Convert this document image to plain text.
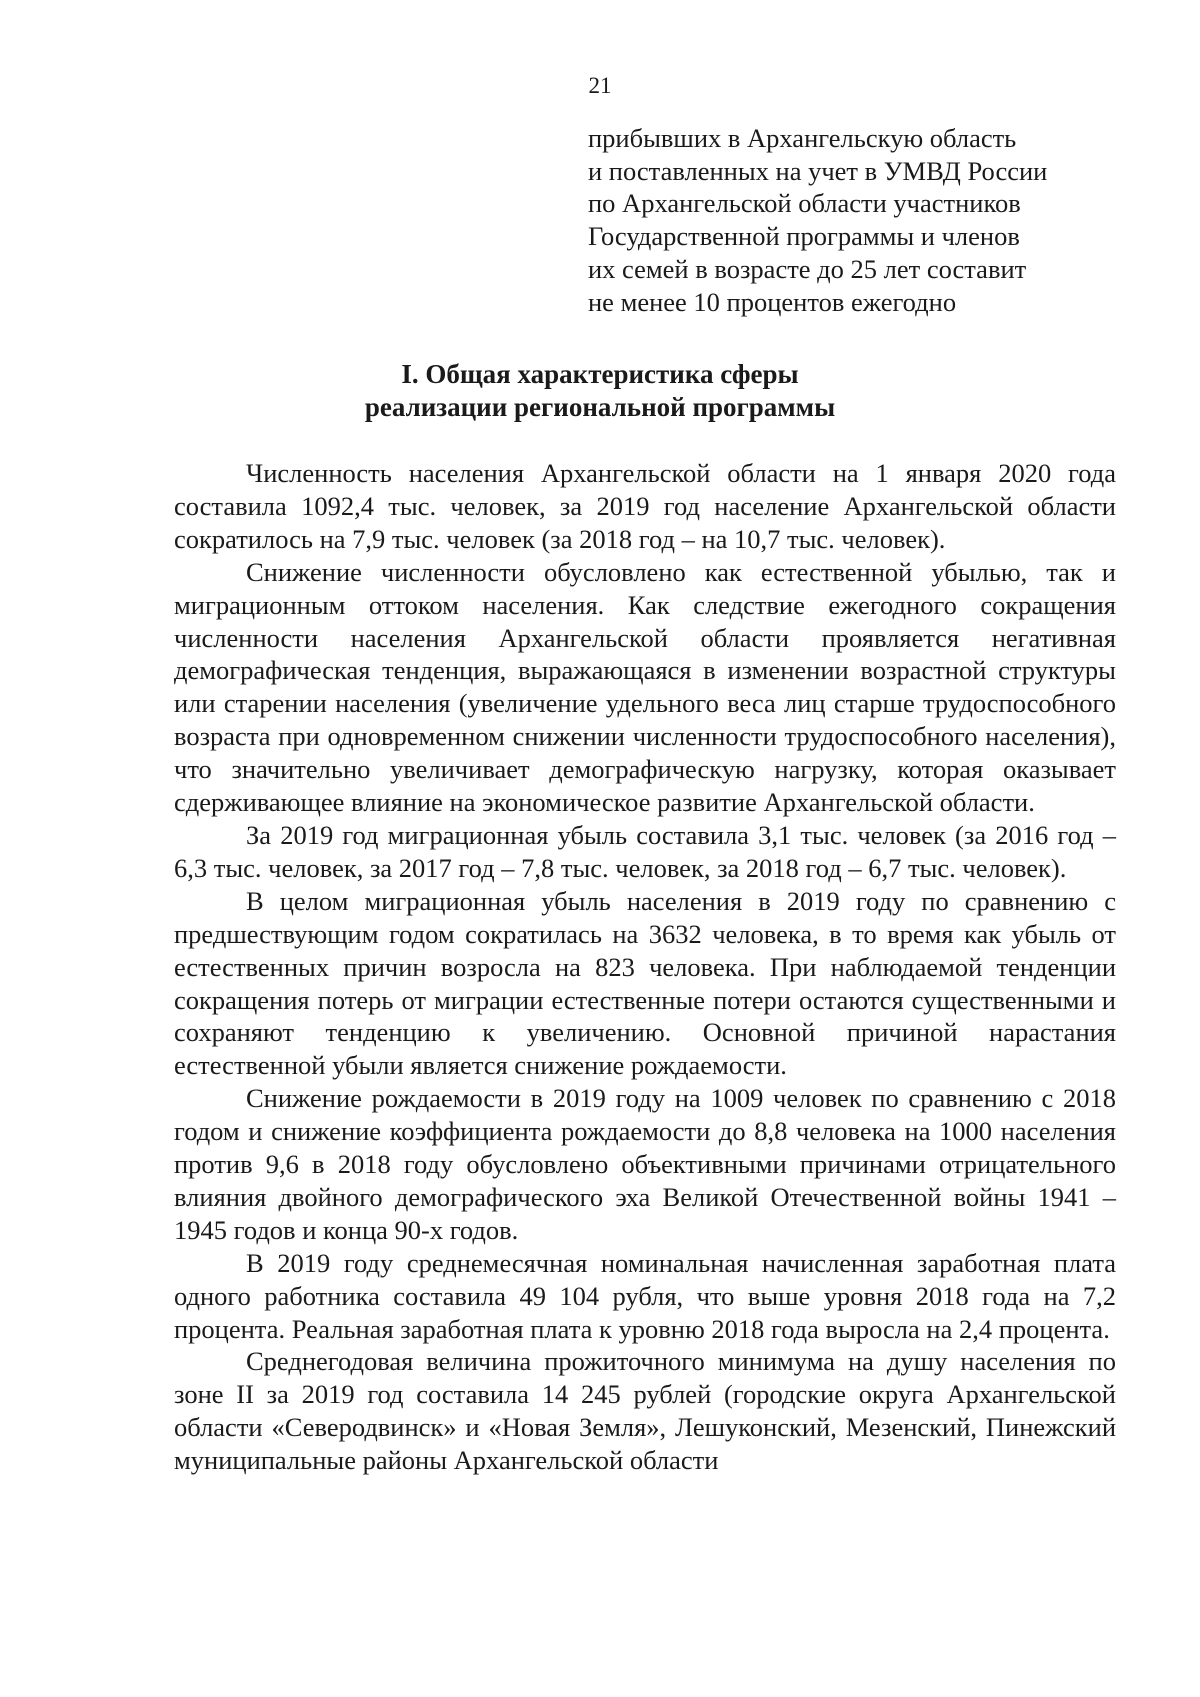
21
прибывших в Архангельскую область
и поставленных на учет в УМВД России
по Архангельской области участников
Государственной программы и членов
их семей в возрасте до 25 лет составит
не менее 10 процентов ежегодно
I. Общая характеристика сферы
реализации региональной программы

Численность населения Архангельской области на 1 января 2020 года составила 1092,4 тыс. человек, за 2019 год население Архангельской области сократилось на 7,9 тыс. человек (за 2018 год – на 10,7 тыс. человек).

Снижение численности обусловлено как естественной убылью, так и миграционным оттоком населения. Как следствие ежегодного сокращения численности населения Архангельской области проявляется негативная демографическая тенденция, выражающаяся в изменении возрастной структуры или старении населения (увеличение удельного веса лиц старше трудоспособного возраста при одновременном снижении численности трудоспособного населения), что значительно увеличивает демографическую нагрузку, которая оказывает сдерживающее влияние на экономическое развитие Архангельской области.

За 2019 год миграционная убыль составила 3,1 тыс. человек (за 2016 год – 6,3 тыс. человек, за 2017 год – 7,8 тыс. человек, за 2018 год – 6,7 тыс. человек).

В целом миграционная убыль населения в 2019 году по сравнению с предшествующим годом сократилась на 3632 человека, в то время как убыль от естественных причин возросла на 823 человека. При наблюдаемой тенденции сокращения потерь от миграции естественные потери остаются существенными и сохраняют тенденцию к увеличению. Основной причиной нарастания естественной убыли является снижение рождаемости.

Снижение рождаемости в 2019 году на 1009 человек по сравнению с 2018 годом и снижение коэффициента рождаемости до 8,8 человека на 1000 населения против 9,6 в 2018 году обусловлено объективными причинами отрицательного влияния двойного демографического эха Великой Отечественной войны 1941 – 1945 годов и конца 90-х годов.

В 2019 году среднемесячная номинальная начисленная заработная плата одного работника составила 49 104 рубля, что выше уровня 2018 года на 7,2 процента. Реальная заработная плата к уровню 2018 года выросла на 2,4 процента.

Среднегодовая величина прожиточного минимума на душу населения по зоне II за 2019 год составила 14 245 рублей (городские округа Архангельской области «Северодвинск» и «Новая Земля», Лешуконский, Мезенский, Пинежский муниципальные районы Архангельской области
